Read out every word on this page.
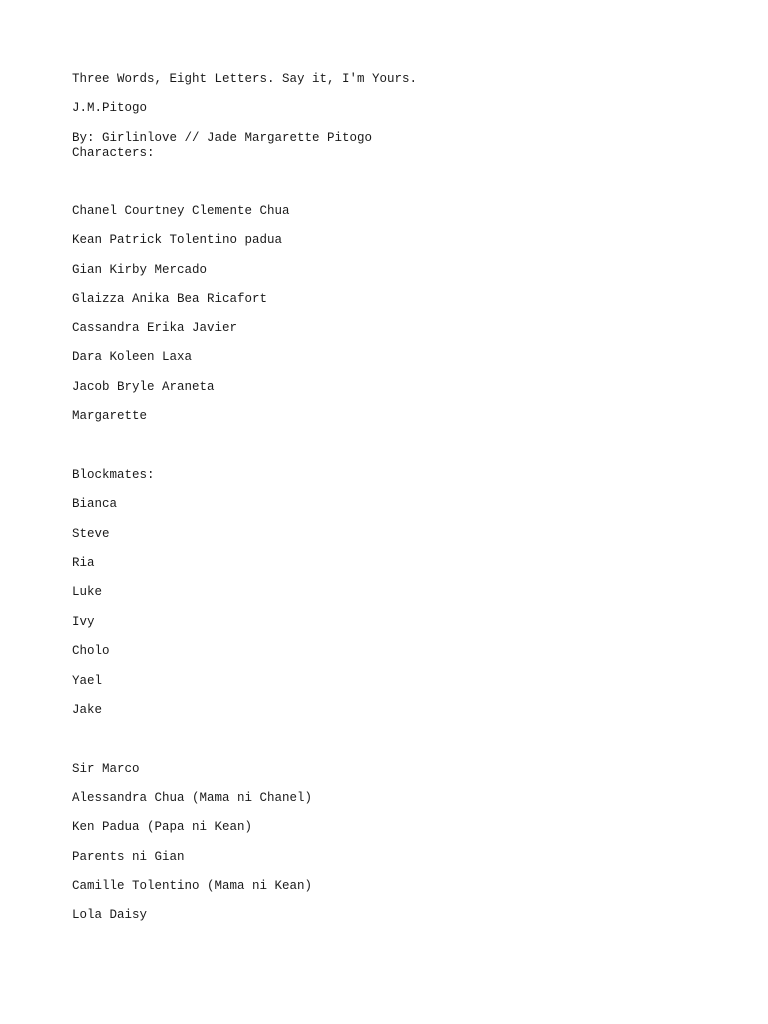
Three Words, Eight Letters. Say it, I'm Yours.

J.M.Pitogo

By: Girlinlove // Jade Margarette Pitogo

Characters:

Chanel Courtney Clemente Chua

Kean Patrick Tolentino padua

Gian Kirby Mercado

Glaizza Anika Bea Ricafort

Cassandra Erika Javier

Dara Koleen Laxa

Jacob Bryle Araneta

Margarette

Blockmates:

Bianca

Steve

Ria

Luke

Ivy

Cholo

Yael

Jake

Sir Marco

Alessandra Chua (Mama ni Chanel)

Ken Padua (Papa ni Kean)

Parents ni Gian

Camille Tolentino (Mama ni Kean)

Lola Daisy
